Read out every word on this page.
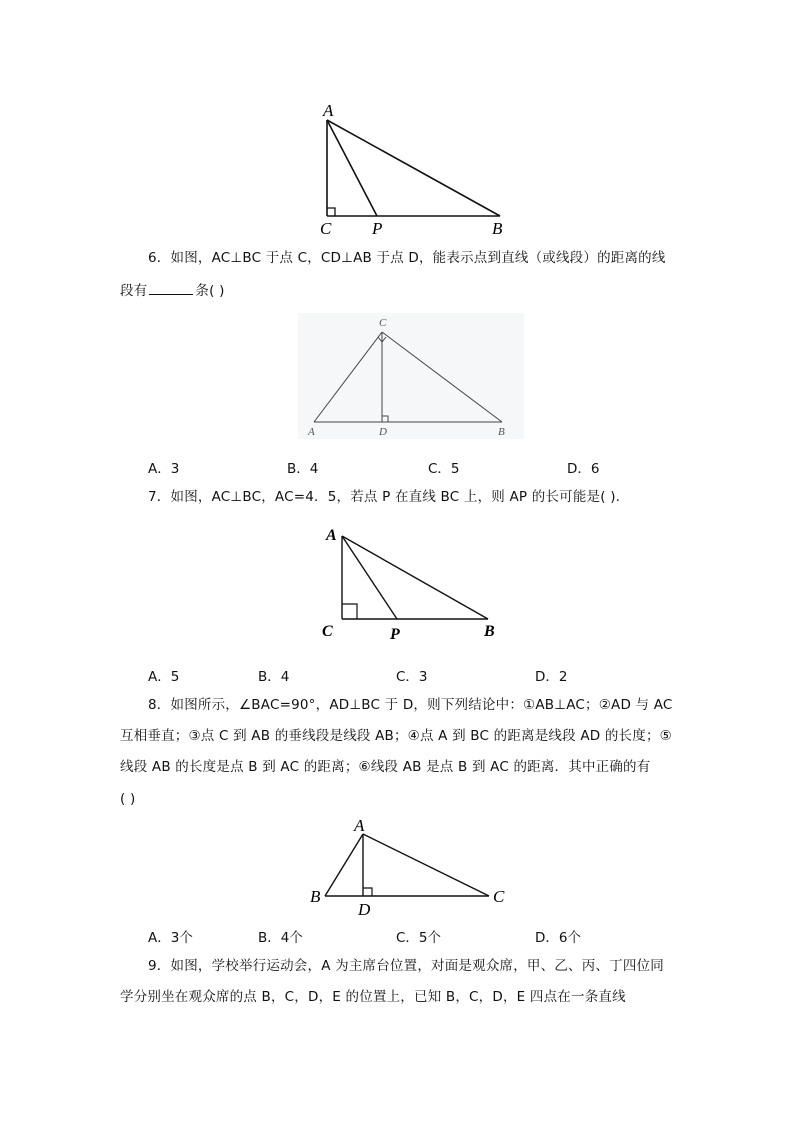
A
C P	B
6．如图，AC⊥BC 于点 C，CD⊥AB 于点 D，能表示点到直线（或线段）的距离的线
段有	条( )
C
A	D	B
A．3	B．4	C．5	D．6
7．如图，AC⊥BC，AC=4．5，若点 P 在直线 BC 上，则 AP 的长可能是( ).
A
C	P	B
A．5	B．4	C．3	D．2
8．如图所示，∠BAC=90°，AD⊥BC 于 D，则下列结论中：①AB⊥AC；②AD 与 AC
互相垂直；③点 C 到 AB 的垂线段是线段 AB；④点 A 到 BC 的距离是线段 AD 的长度；⑤
线段 AB 的长度是点 B 到 AC 的距离；⑥线段 AB 是点 B 到 AC 的距离．其中正确的有
( )
A
B
D
C
A．3个	B．4个	C．5个	D．6个
9．如图，学校举行运动会，A 为主席台位置，对面是观众席，甲、乙、丙、丁四位同
学分别坐在观众席的点 B，C，D，E 的位置上，已知 B，C，D，E 四点在一条直线
